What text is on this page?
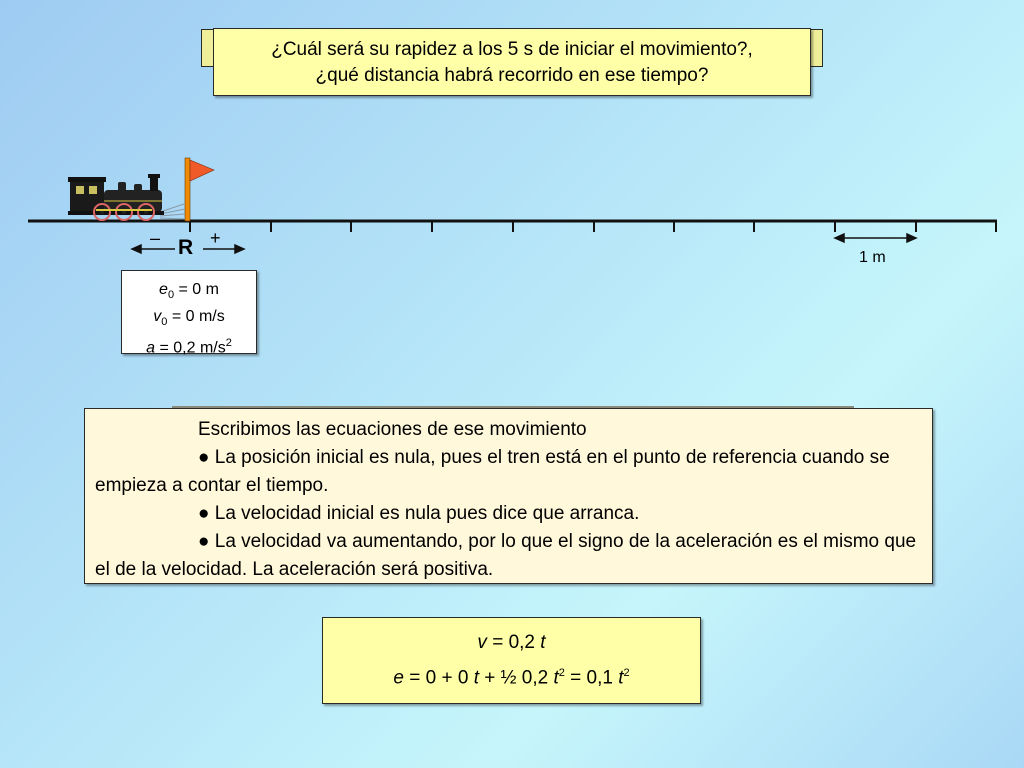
¿Cuál será su rapidez a los 5 s de iniciar el movimiento?,
¿qué distancia habrá recorrido en ese tiempo?
– R +
1 m
$e_0 = 0$ m
$v_0 = 0$ m/s
a = 0,2 $m/s^2$

Escribimos las ecuaciones de ese movimiento

● La posición inicial es nula, pues el tren está en el punto de referencia cuando se empieza a contar el tiempo.

● La velocidad inicial es nula pues dice que arranca.

● La velocidad va aumentando, por lo que el signo de la aceleración es el mismo que el de la velocidad. La aceleración será positiva.

v = 0,2 t
e = 0 + 0 t + ½ 0,2 $t^2 = 0,1$ $t^2$
